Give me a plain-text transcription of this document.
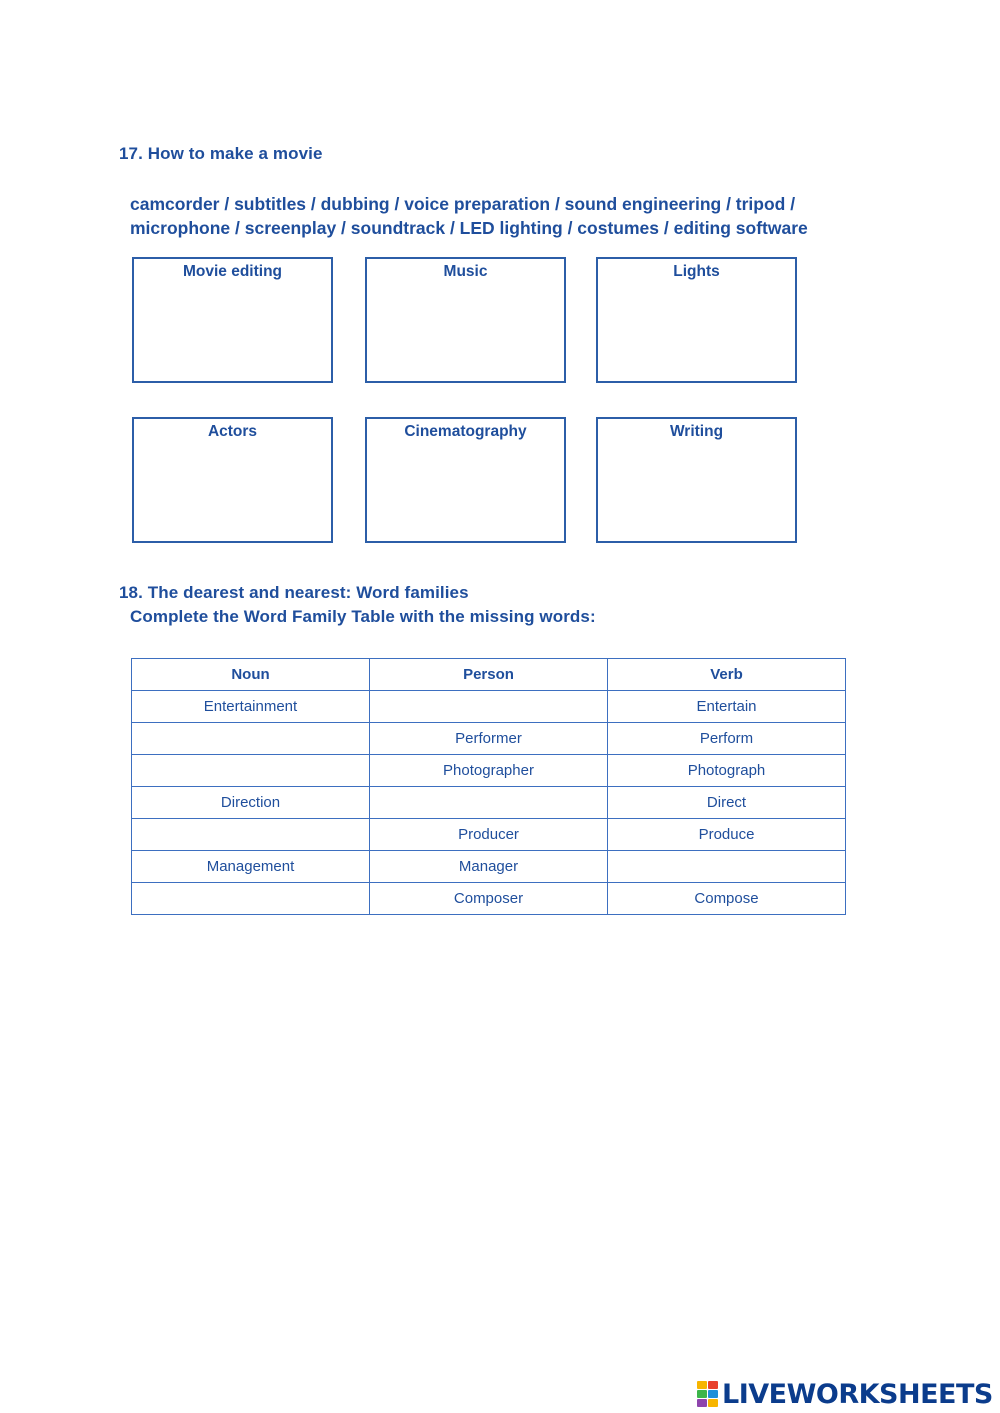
17. How to make a movie
camcorder / subtitles / dubbing / voice preparation / sound engineering / tripod /
microphone / screenplay / soundtrack / LED lighting / costumes / editing software
Movie editing	Music	Lights
Actors	Cinematography	Writing
18. The dearest and nearest: Word families
Complete the Word Family Table with the missing words:
Noun	Person	Verb
Entertainment		Entertain
	Performer	Perform
	Photographer	Photograph
Direction		Direct
	Producer	Produce
Management	Manager	
	Composer	Compose
LIVEWORKSHEETS
